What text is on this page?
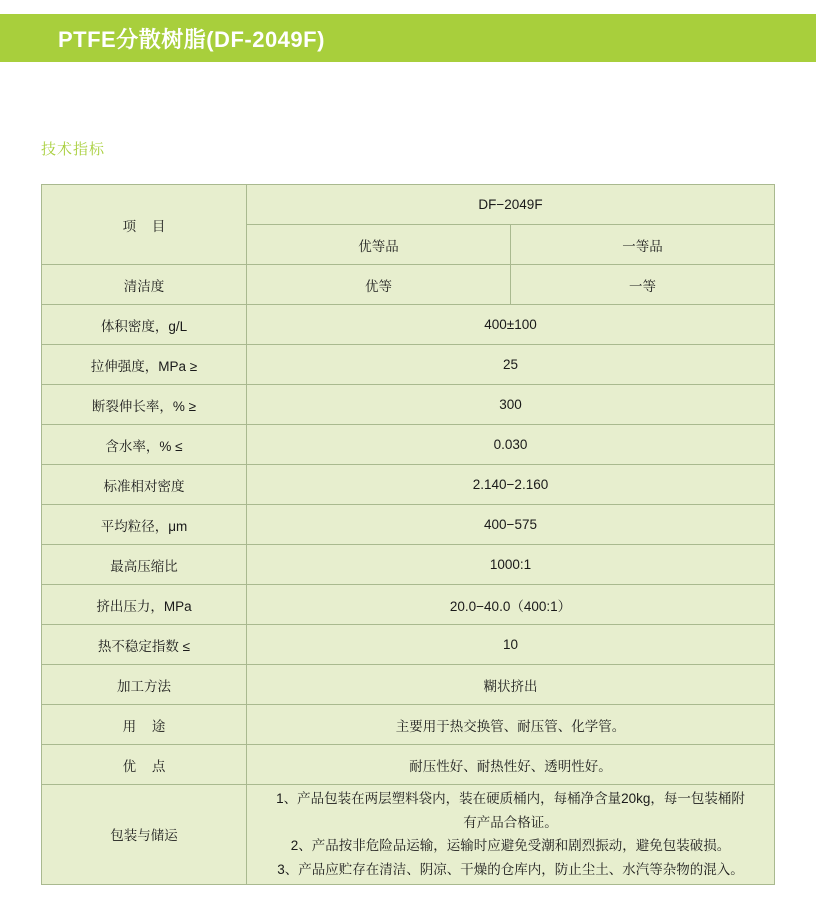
PTFE分散树脂(DF-2049F)
技术指标
项 目	DF−2049F	
	优等品	一等品
清洁度	优等	一等
体积密度，g/L	400±100	
拉伸强度，MPa ≥	25	
断裂伸长率，% ≥	300	
含水率，% ≤	0.030	
标准相对密度	2.140−2.160	
平均粒径，μm	400−575	
最高压缩比	1000:1	
挤出压力，MPa	20.0−40.0（400:1）	
热不稳定指数 ≤	10	
加工方法	糊状挤出	
用 途	主要用于热交换管、耐压管、化学管。	
优 点	耐压性好、耐热性好、透明性好。	
包装与储运	1、产品包装在两层塑料袋内，装在硬质桶内，每桶净含量20kg，每一包装桶附
有产品合格证。
2、产品按非危险品运输，运输时应避免受潮和剧烈振动，避免包装破损。
3、产品应贮存在清洁、阴凉、干燥的仓库内，防止尘土、水汽等杂物的混入。	
